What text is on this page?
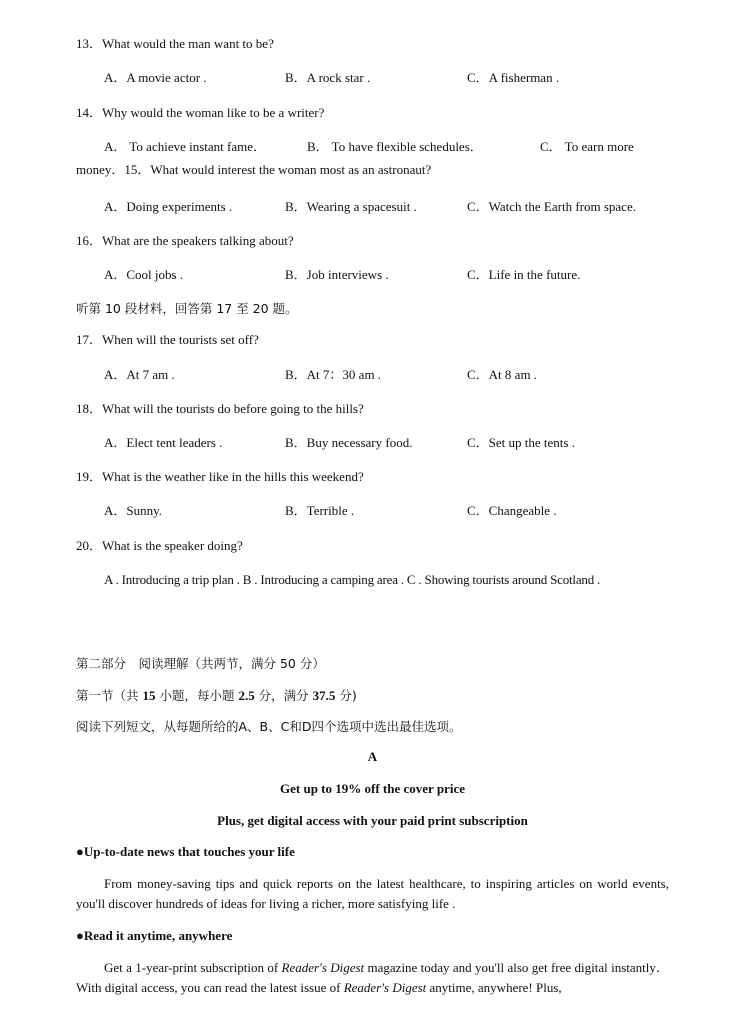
13．What would the man want to be?
A．A movie actor .	B．A rock star .	C．A fisherman .
14．Why would the woman like to be a writer?
A． To achieve instant fame．	B． To have flexible schedules．	C． To earn more
money．15．What would interest the woman most as an astronaut?
A．Doing experiments .	B．Wearing a spacesuit .	C．Watch the Earth from space.
16．What are the speakers talking about?
A．Cool jobs .	B．Job interviews .	C．Life in the future.
听第 10 段材料，回答第 17 至 20 题。
17．When will the tourists set off?
A．At 7 am .	B．At 7：30 am .	C．At 8 am .
18．What will the tourists do before going to the hills?
A．Elect tent leaders .	B．Buy necessary food.	C．Set up the tents .
19．What is the weather like in the hills this weekend?
A．Sunny.	B．Terrible .	C．Changeable .
20．What is the speaker doing?
A . Introducing a trip plan . B . Introducing a camping area . C . Showing tourists around Scotland .
第二部分　阅读理解（共两节，满分 50 分）
第一节（共 15 小题，每小题 2.5 分，满分 37.5 分)
阅读下列短文，从每题所给的A、B、C和D四个选项中选出最佳选项。
A
Get up to 19% off the cover price
Plus, get digital access with your paid print subscription
●Up-to-date news that touches your life
From money-saving tips and quick reports on the latest healthcare, to inspiring articles on world events, you'll discover hundreds of ideas for living a richer, more satisfying life .
●Read it anytime, anywhere
Get a 1-year-print subscription of Reader's Digest magazine today and you'll also get free digital instantly．With digital access, you can read the latest issue of Reader's Digest anytime, anywhere! Plus,
